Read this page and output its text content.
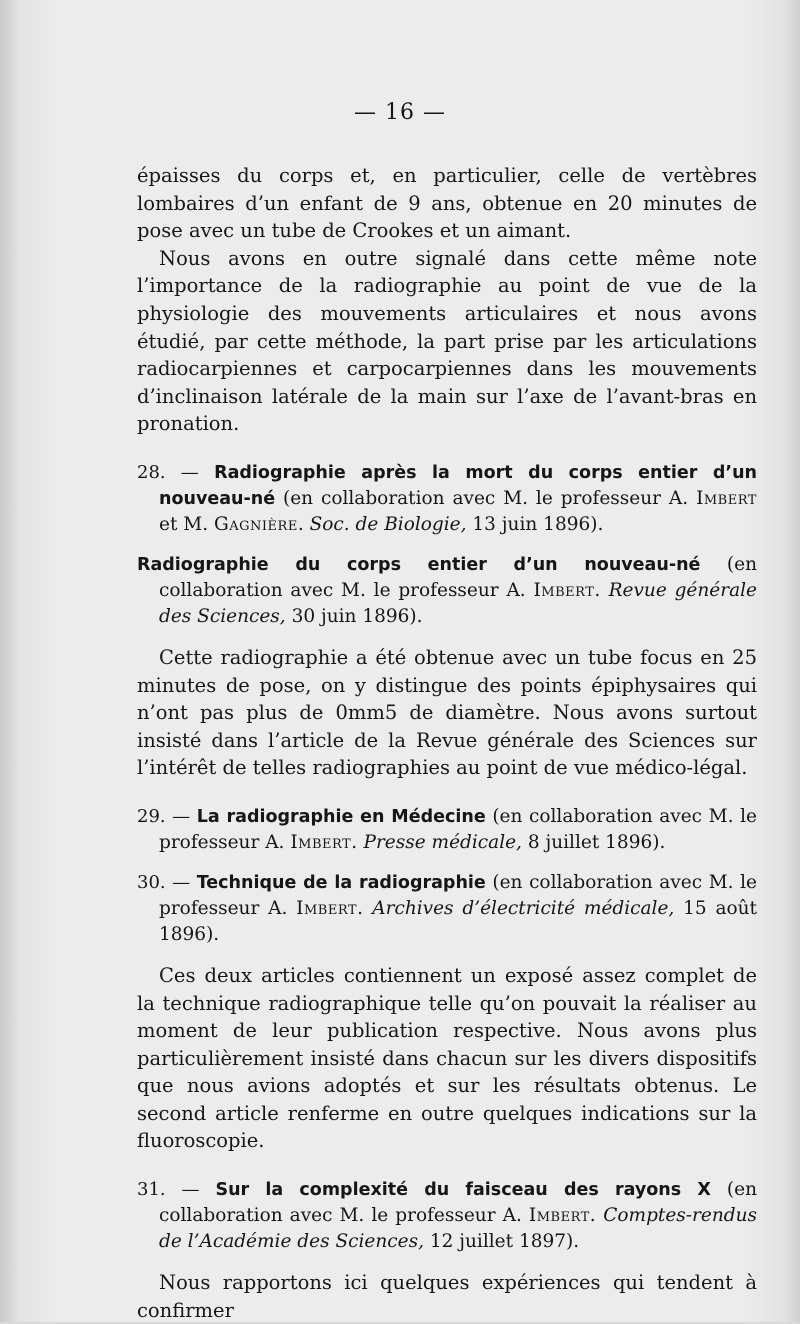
— 16 —

épaisses du corps et, en particulier, celle de vertèbres lombaires d’un enfant de 9 ans, obtenue en 20 minutes de pose avec un tube de Crookes et un aimant.

Nous avons en outre signalé dans cette même note l’importance de la radiographie au point de vue de la physiologie des mouvements articulaires et nous avons étudié, par cette méthode, la part prise par les articulations radiocarpiennes et carpocarpiennes dans les mouvements d’inclinaison latérale de la main sur l’axe de l’avant-bras en pronation.

28. — Radiographie après la mort du corps entier d’un nouveau-né (en collaboration avec M. le professeur A. Imbert et M. Gagnière. Soc. de Biologie, 13 juin 1896).

Radiographie du corps entier d’un nouveau-né (en collaboration avec M. le professeur A. Imbert. Revue générale des Sciences, 30 juin 1896).

Cette radiographie a été obtenue avec un tube focus en 25 minutes de pose, on y distingue des points épiphysaires qui n’ont pas plus de 0mm5 de diamètre. Nous avons surtout insisté dans l’article de la Revue générale des Sciences sur l’intérêt de telles radiographies au point de vue médico-légal.

29. — La radiographie en Médecine (en collaboration avec M. le professeur A. Imbert. Presse médicale, 8 juillet 1896).

30. — Technique de la radiographie (en collaboration avec M. le professeur A. Imbert. Archives d’électricité médicale, 15 août 1896).

Ces deux articles contiennent un exposé assez complet de la technique radiographique telle qu’on pouvait la réaliser au moment de leur publication respective. Nous avons plus particulièrement insisté dans chacun sur les divers dispositifs que nous avions adoptés et sur les résultats obtenus. Le second article renferme en outre quelques indications sur la fluoroscopie.

31. — Sur la complexité du faisceau des rayons X (en collaboration avec M. le professeur A. Imbert. Comptes-rendus de l’Académie des Sciences, 12 juillet 1897).

Nous rapportons ici quelques expériences qui tendent à confirmer
